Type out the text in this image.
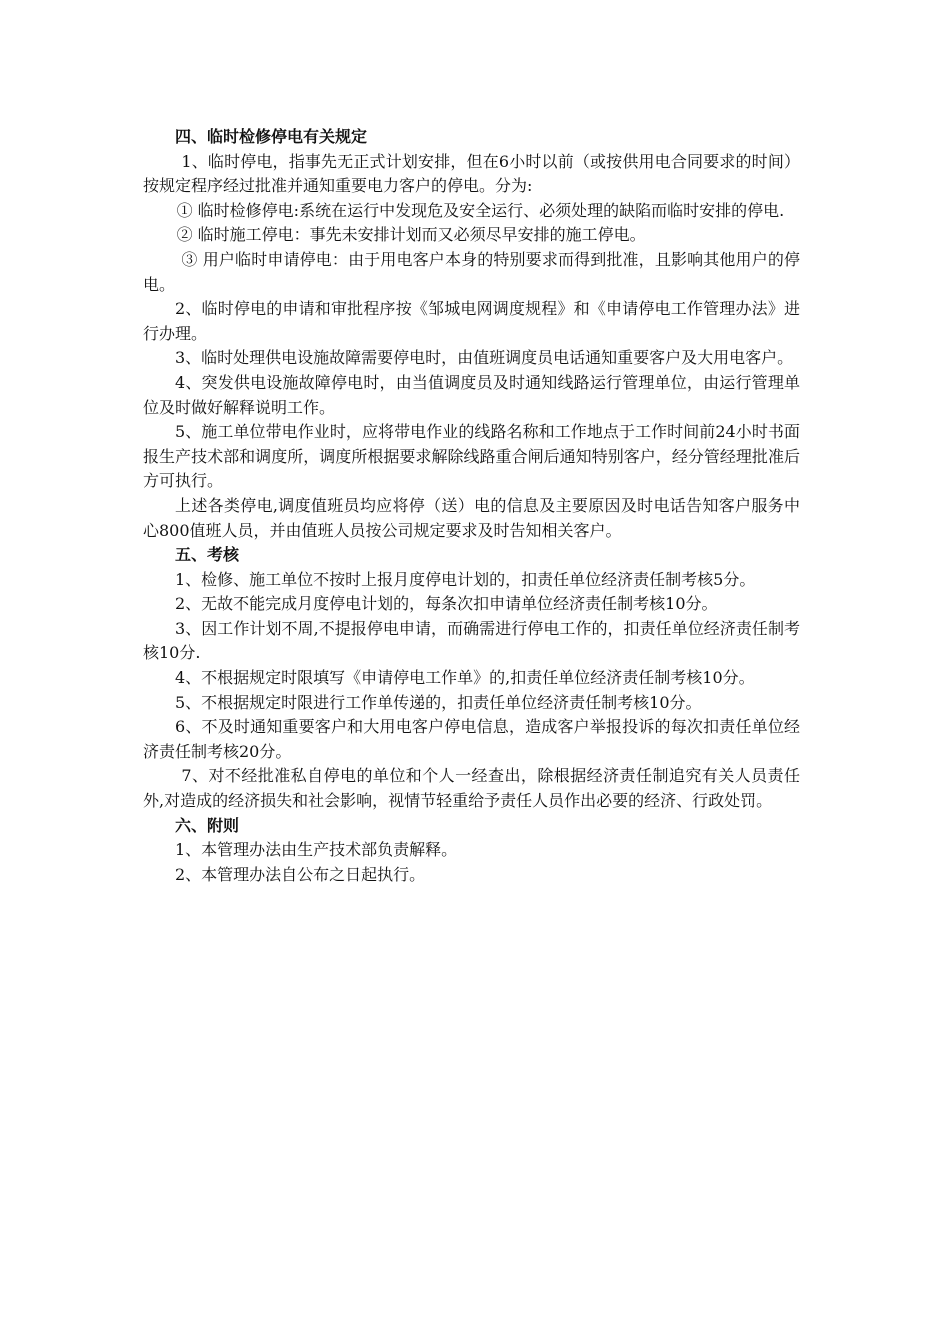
四、临时检修停电有关规定

1、临时停电，指事先无正式计划安排，但在6小时以前（或按供用电合同要求的时间）按规定程序经过批准并通知重要电力客户的停电。分为:

① 临时检修停电:系统在运行中发现危及安全运行、必须处理的缺陷而临时安排的停电.

② 临时施工停电：事先未安排计划而又必须尽早安排的施工停电。

③ 用户临时申请停电：由于用电客户本身的特别要求而得到批准，且影响其他用户的停电。

2、临时停电的申请和审批程序按《邹城电网调度规程》和《申请停电工作管理办法》进行办理。

3、临时处理供电设施故障需要停电时，由值班调度员电话通知重要客户及大用电客户。

4、突发供电设施故障停电时，由当值调度员及时通知线路运行管理单位，由运行管理单位及时做好解释说明工作。

5、施工单位带电作业时，应将带电作业的线路名称和工作地点于工作时间前24小时书面报生产技术部和调度所，调度所根据要求解除线路重合闸后通知特别客户，经分管经理批准后方可执行。

上述各类停电,调度值班员均应将停（送）电的信息及主要原因及时电话告知客户服务中心800值班人员，并由值班人员按公司规定要求及时告知相关客户。

五、考核

1、检修、施工单位不按时上报月度停电计划的，扣责任单位经济责任制考核5分。

2、无故不能完成月度停电计划的，每条次扣申请单位经济责任制考核10分。

3、因工作计划不周,不提报停电申请，而确需进行停电工作的，扣责任单位经济责任制考核10分.

4、不根据规定时限填写《申请停电工作单》的,扣责任单位经济责任制考核10分。

5、不根据规定时限进行工作单传递的，扣责任单位经济责任制考核10分。

6、不及时通知重要客户和大用电客户停电信息，造成客户举报投诉的每次扣责任单位经济责任制考核20分。

7、对不经批准私自停电的单位和个人一经查出，除根据经济责任制追究有关人员责任外,对造成的经济损失和社会影响，视情节轻重给予责任人员作出必要的经济、行政处罚。

六、附则

1、本管理办法由生产技术部负责解释。

2、本管理办法自公布之日起执行。
